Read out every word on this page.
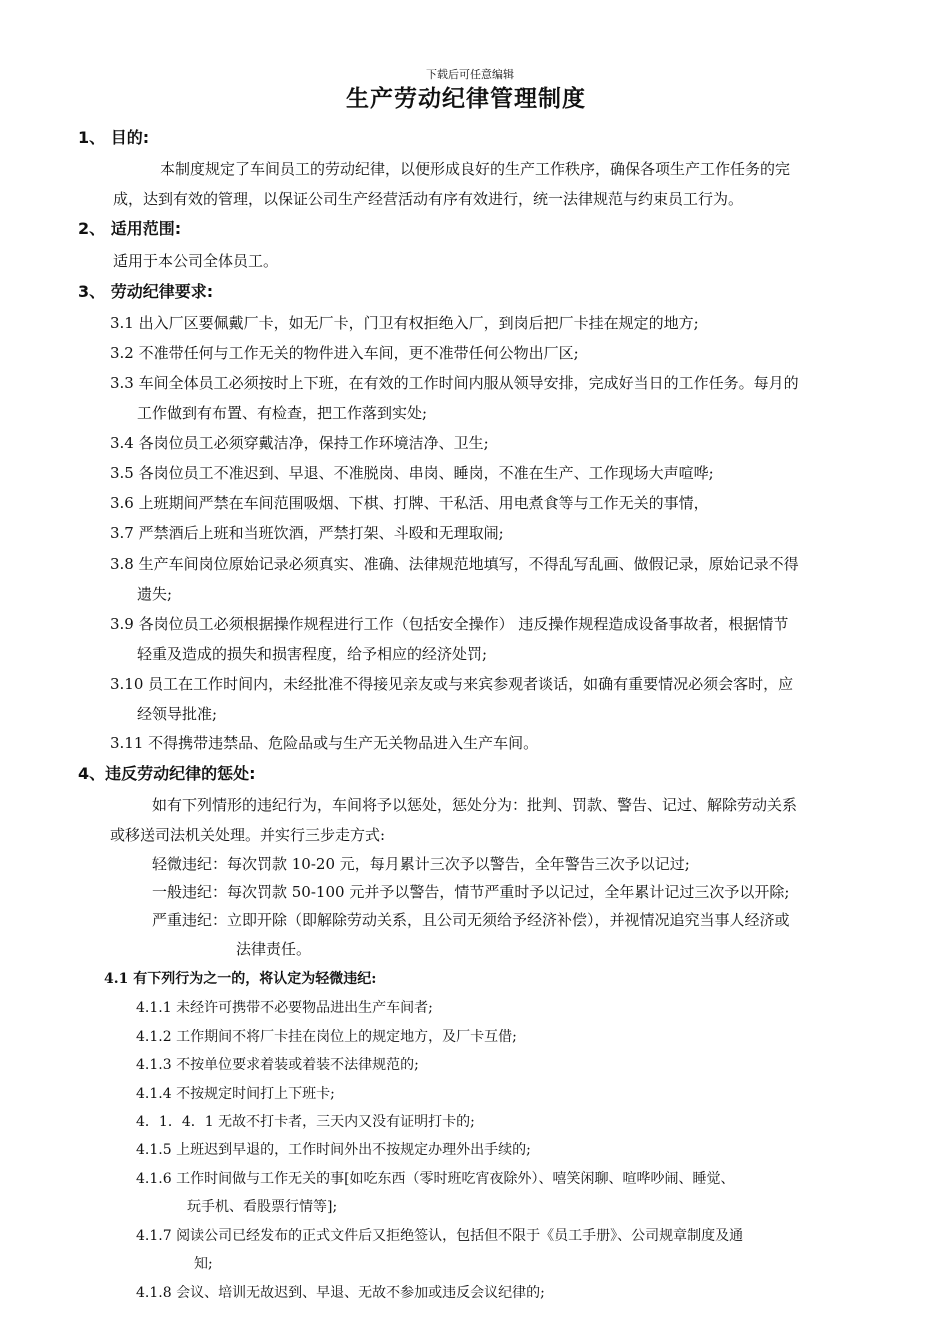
下载后可任意编辑
生产劳动纪律管理制度
1、 目的:
本制度规定了车间员工的劳动纪律，以便形成良好的生产工作秩序，确保各项生产工作任务的完
成，达到有效的管理，以保证公司生产经营活动有序有效进行，统一法律规范与约束员工行为。
2、 适用范围:
适用于本公司全体员工。
3、 劳动纪律要求:
3.1 出入厂区要佩戴厂卡，如无厂卡，门卫有权拒绝入厂，到岗后把厂卡挂在规定的地方;
3.2 不准带任何与工作无关的物件进入车间，更不准带任何公物出厂区;
3.3 车间全体员工必须按时上下班，在有效的工作时间内服从领导安排，完成好当日的工作任务。每月的
工作做到有布置、有检查，把工作落到实处;
3.4 各岗位员工必须穿戴洁净，保持工作环境洁净、卫生;
3.5 各岗位员工不准迟到、早退、不准脱岗、串岗、睡岗，不准在生产、工作现场大声喧哗;
3.6 上班期间严禁在车间范围吸烟、下棋、打牌、干私活、用电煮食等与工作无关的事情，
3.7 严禁酒后上班和当班饮酒，严禁打架、斗殴和无理取闹;
3.8 生产车间岗位原始记录必须真实、准确、法律规范地填写，不得乱写乱画、做假记录，原始记录不得
遗失;
3.9 各岗位员工必须根据操作规程进行工作（包括安全操作） 违反操作规程造成设备事故者，根据情节
轻重及造成的损失和损害程度，给予相应的经济处罚;
3.10 员工在工作时间内，未经批准不得接见亲友或与来宾参观者谈话，如确有重要情况必须会客时，应
经领导批准;
3.11 不得携带违禁品、危险品或与生产无关物品进入生产车间。
4、违反劳动纪律的惩处:
如有下列情形的违纪行为，车间将予以惩处，惩处分为：批判、罚款、警告、记过、解除劳动关系
或移送司法机关处理。并实行三步走方式:
轻微违纪：每次罚款 10-20 元，每月累计三次予以警告，全年警告三次予以记过;
一般违纪：每次罚款 50-100 元并予以警告，情节严重时予以记过，全年累计记过三次予以开除;
严重违纪：立即开除（即解除劳动关系，且公司无须给予经济补偿），并视情况追究当事人经济或
法律责任。
4.1 有下列行为之一的，将认定为轻微违纪:
4.1.1 未经许可携带不必要物品进出生产车间者;
4.1.2 工作期间不将厂卡挂在岗位上的规定地方，及厂卡互借;
4.1.3 不按单位要求着装或着装不法律规范的;
4.1.4 不按规定时间打上下班卡;
4．1．4．1 无故不打卡者，三天内又没有证明打卡的;
4.1.5 上班迟到早退的，工作时间外出不按规定办理外出手续的;
4.1.6 工作时间做与工作无关的事[如吃东西（零时班吃宵夜除外）、嘻笑闲聊、喧哗吵闹、睡觉、
玩手机、看股票行情等];
4.1.7 阅读公司已经发布的正式文件后又拒绝签认，包括但不限于《员工手册》、公司规章制度及通
知;
4.1.8 会议、培训无故迟到、早退、无故不参加或违反会议纪律的;
